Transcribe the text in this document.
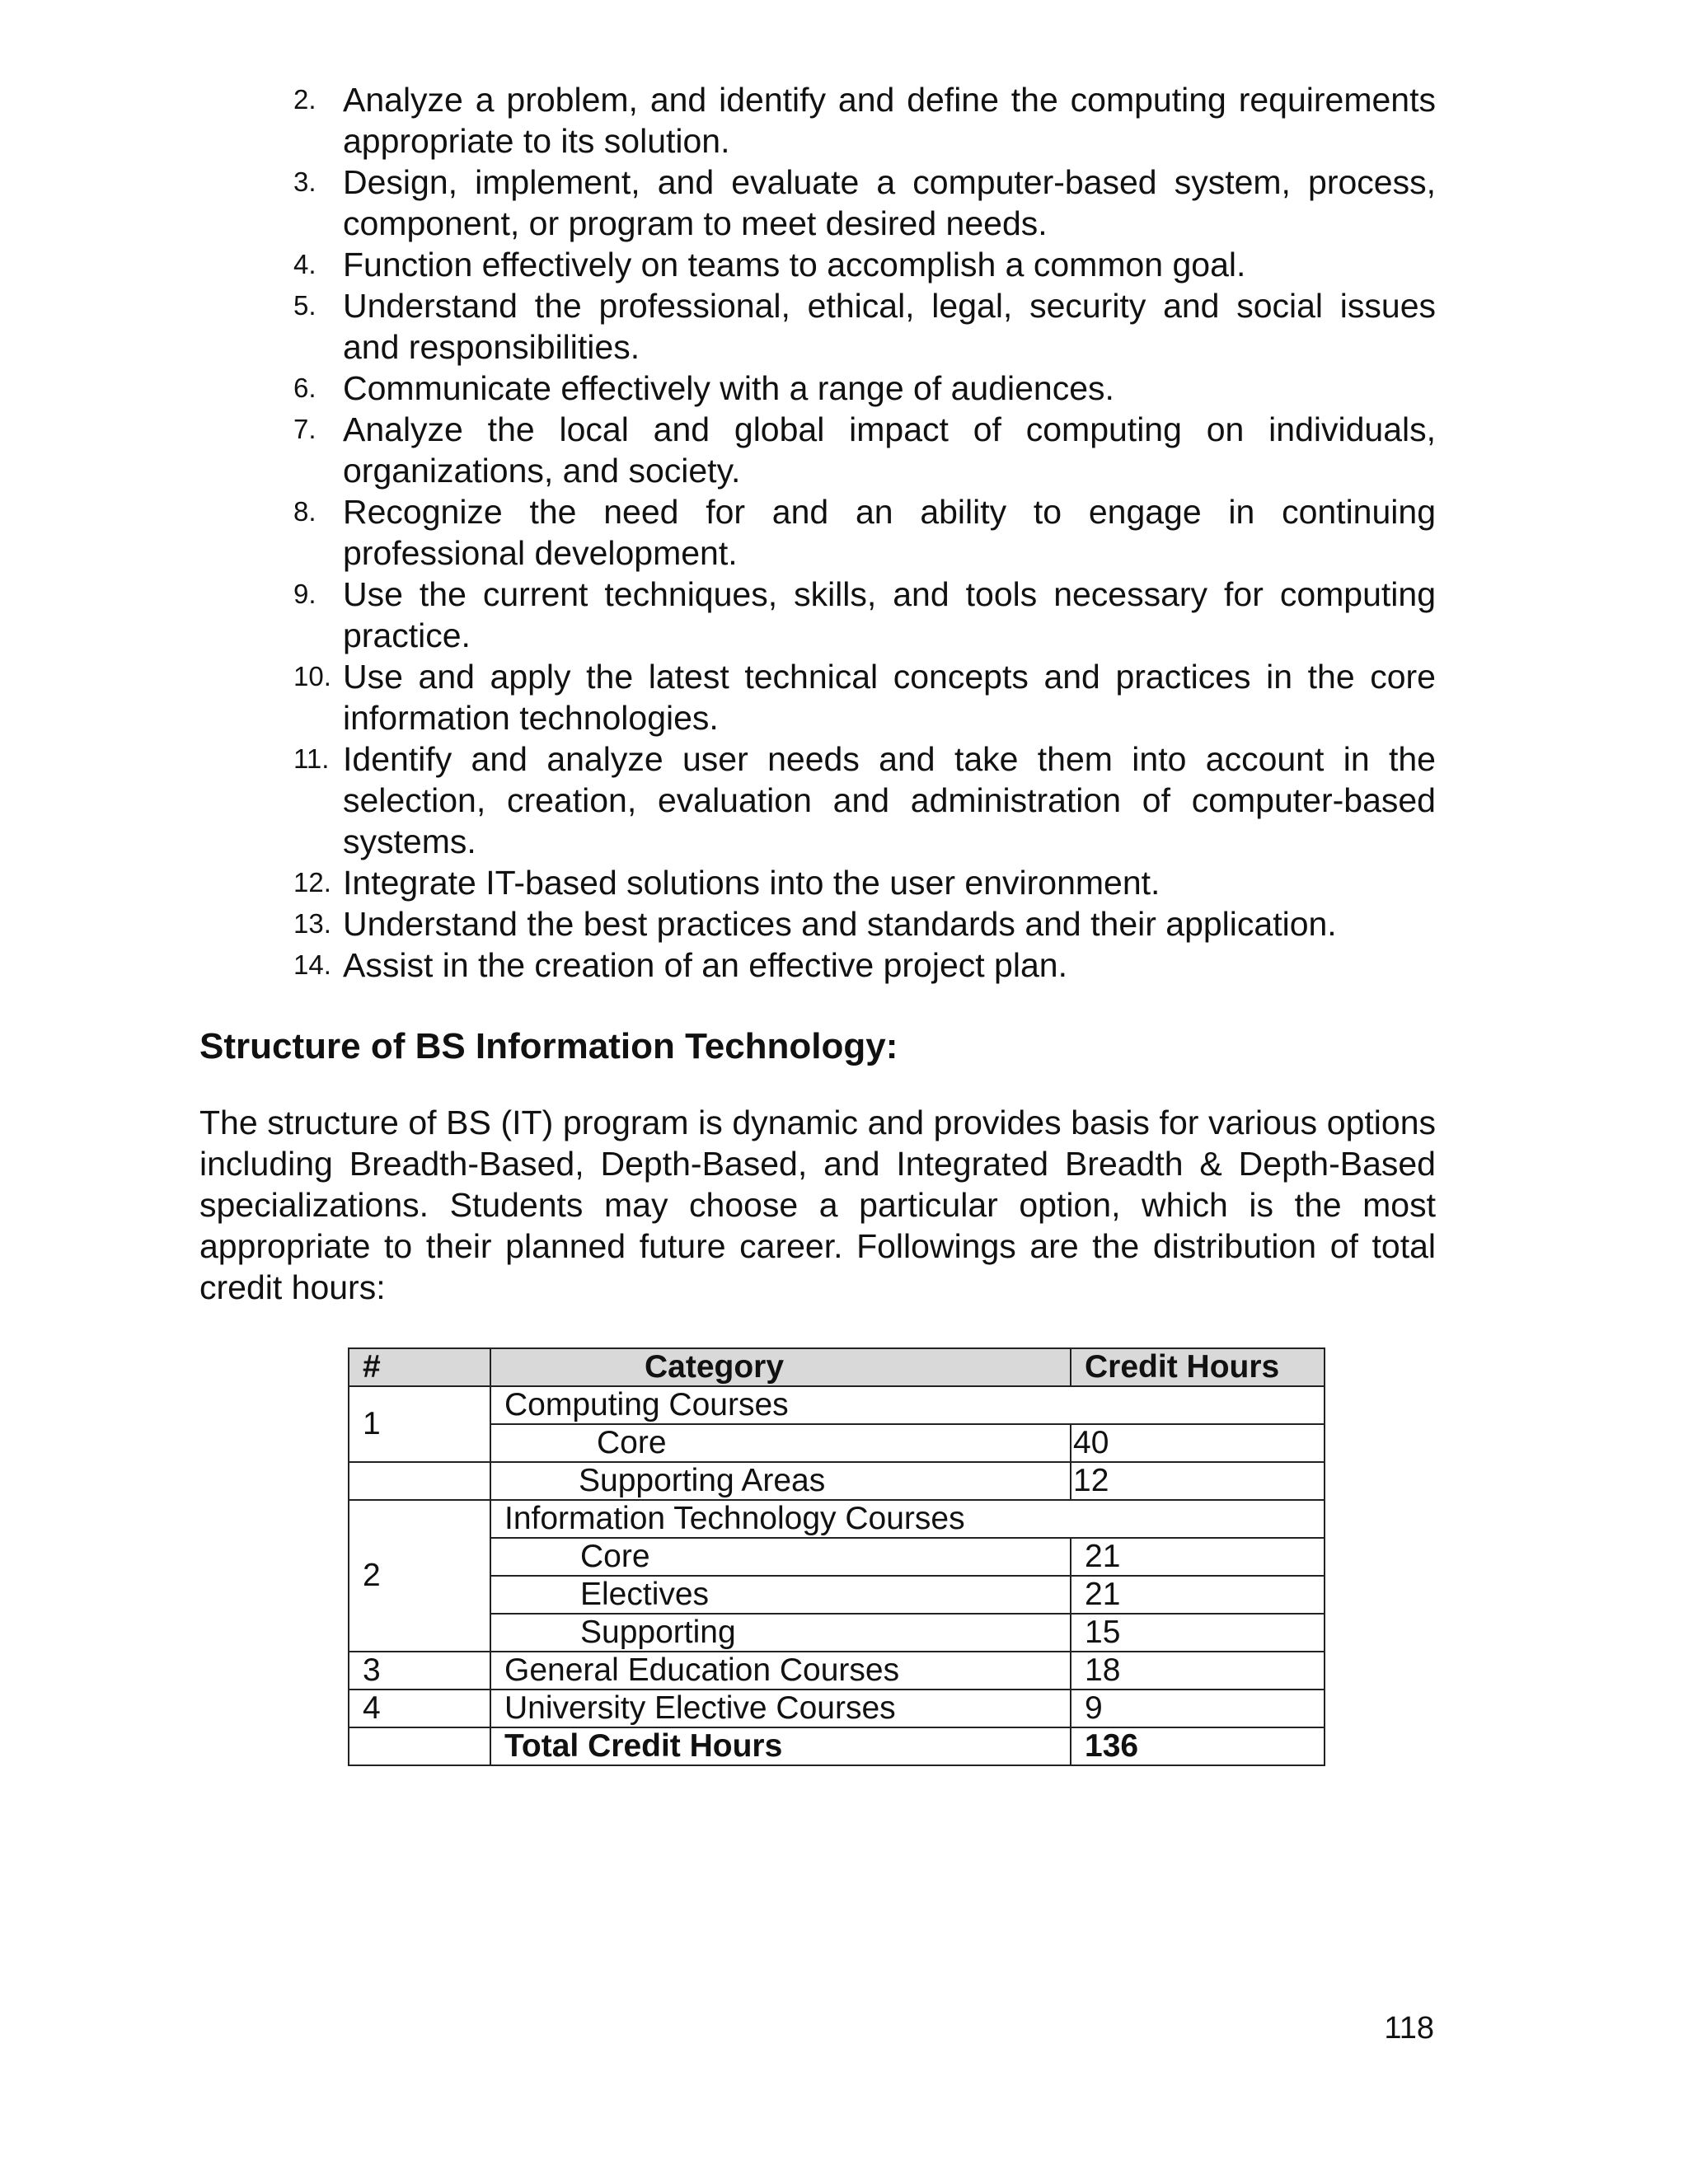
2. Analyze a problem, and identify and define the computing requirements appropriate to its solution.
3. Design, implement, and evaluate a computer-based system, process, component, or program to meet desired needs.
4. Function effectively on teams to accomplish a common goal.
5. Understand the professional, ethical, legal, security and social issues and responsibilities.
6. Communicate effectively with a range of audiences.
7. Analyze the local and global impact of computing on individuals, organizations, and society.
8. Recognize the need for and an ability to engage in continuing professional development.
9. Use the current techniques, skills, and tools necessary for computing practice.
10. Use and apply the latest technical concepts and practices in the core information technologies.
11. Identify and analyze user needs and take them into account in the selection, creation, evaluation and administration of computer-based systems.
12. Integrate IT-based solutions into the user environment.
13. Understand the best practices and standards and their application.
14. Assist in the creation of an effective project plan.
Structure of BS Information Technology:

The structure of BS (IT) program is dynamic and provides basis for various options including Breadth-Based, Depth-Based, and Integrated Breadth & Depth-Based specializations. Students may choose a particular option, which is the most appropriate to their planned future career. Followings are the distribution of total credit hours:

#	Category	Credit Hours
1	Computing Courses	
	Core	40
	Supporting Areas	12
2	Information Technology Courses	
	Core	21
	Electives	21
	Supporting	15
3	General Education Courses	18
4	University Elective Courses	9
	Total Credit Hours	136
118
